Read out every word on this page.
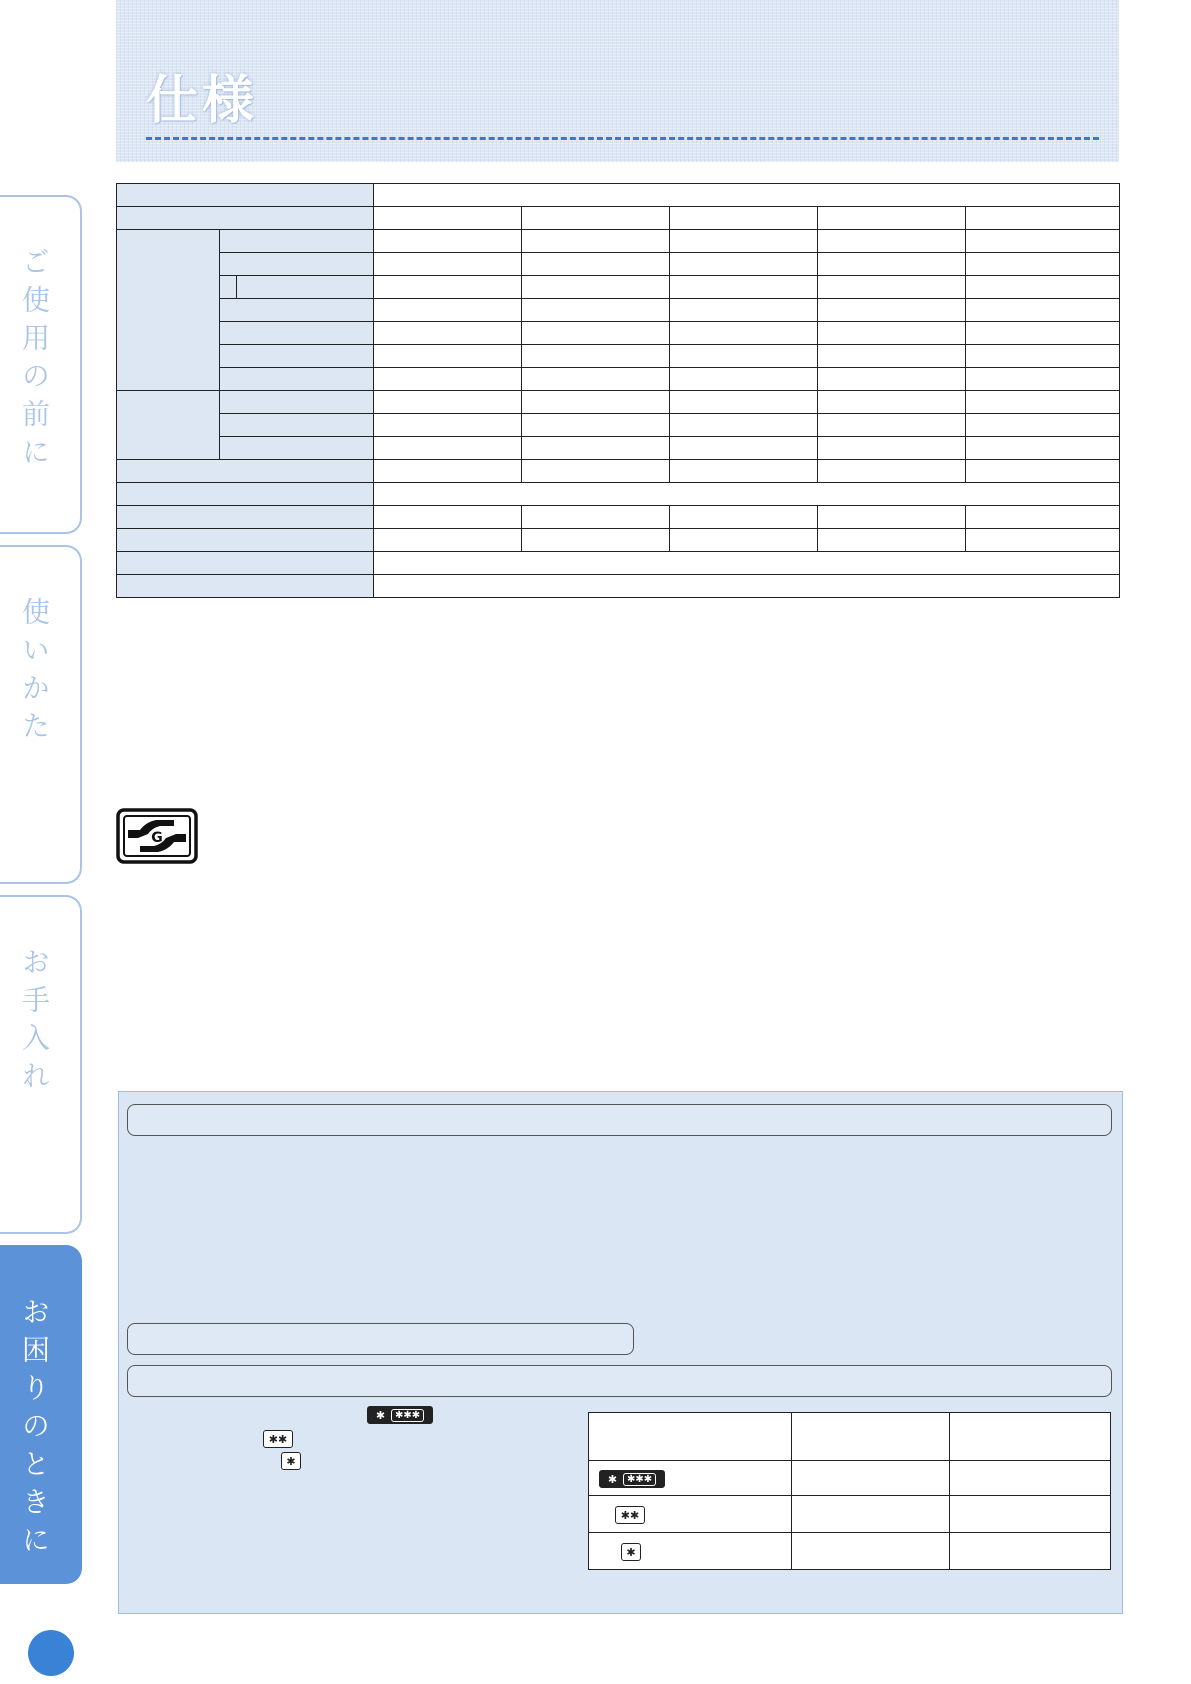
仕様
ご使用の前に
使いかた
お手入れ
お困りのときに

G
✱	✱✱✱
✱✱
✱

✱ ✱✱✱		

✱✱		

✱		
